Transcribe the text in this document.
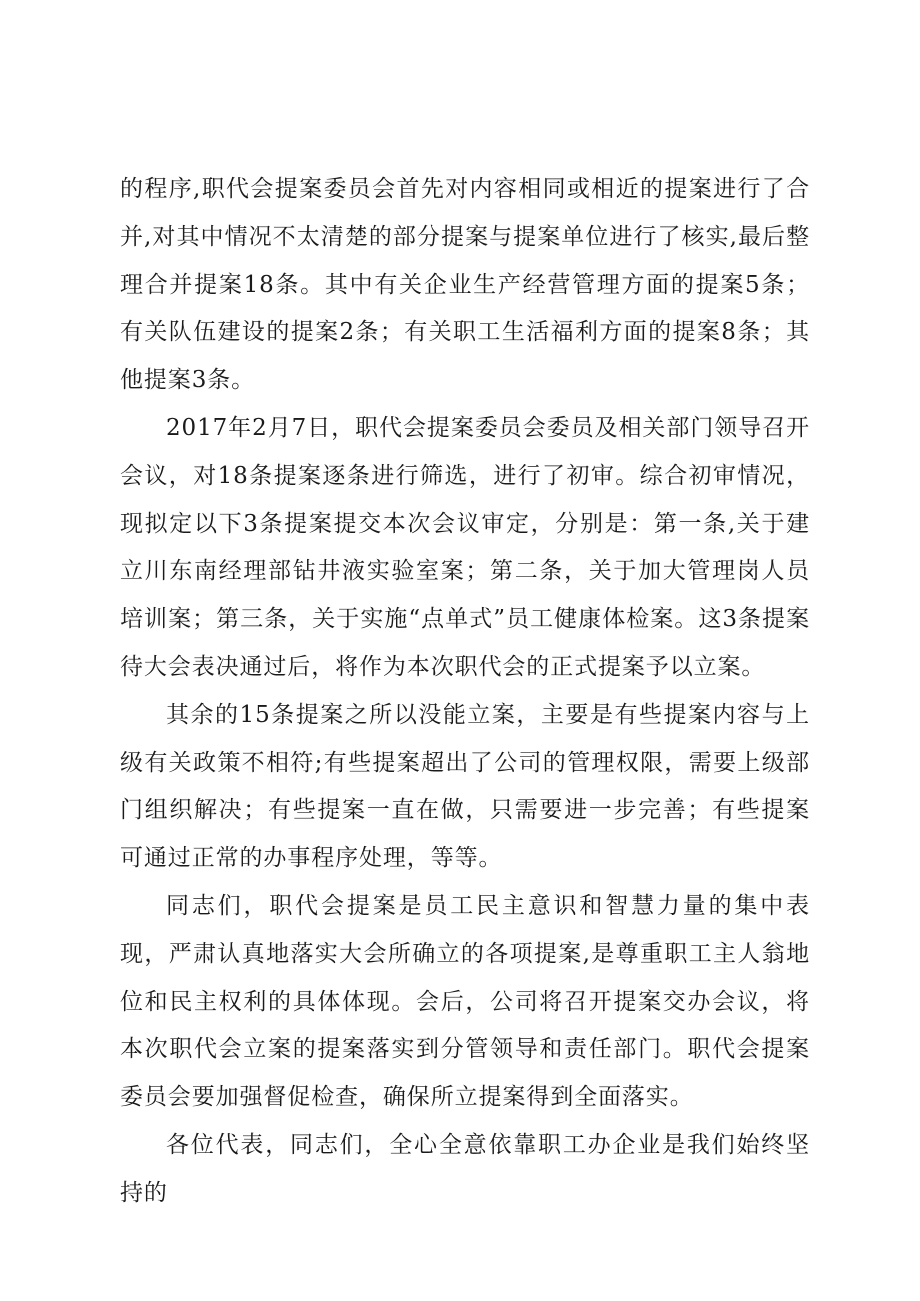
的程序,职代会提案委员会首先对内容相同或相近的提案进行了合并,对其中情况不太清楚的部分提案与提案单位进行了核实,最后整理合并提案18条。其中有关企业生产经营管理方面的提案5条；有关队伍建设的提案2条；有关职工生活福利方面的提案8条；其他提案3条。

2017年2月7日，职代会提案委员会委员及相关部门领导召开会议，对18条提案逐条进行筛选，进行了初审。综合初审情况，现拟定以下3条提案提交本次会议审定，分别是：第一条,关于建立川东南经理部钻井液实验室案；第二条，关于加大管理岗人员培训案；第三条，关于实施“点单式”员工健康体检案。这3条提案待大会表决通过后，将作为本次职代会的正式提案予以立案。

其余的15条提案之所以没能立案，主要是有些提案内容与上级有关政策不相符;有些提案超出了公司的管理权限，需要上级部门组织解决；有些提案一直在做，只需要进一步完善；有些提案可通过正常的办事程序处理，等等。

同志们，职代会提案是员工民主意识和智慧力量的集中表现，严肃认真地落实大会所确立的各项提案,是尊重职工主人翁地位和民主权利的具体体现。会后，公司将召开提案交办会议，将本次职代会立案的提案落实到分管领导和责任部门。职代会提案委员会要加强督促检查，确保所立提案得到全面落实。

各位代表，同志们，全心全意依靠职工办企业是我们始终坚持的
